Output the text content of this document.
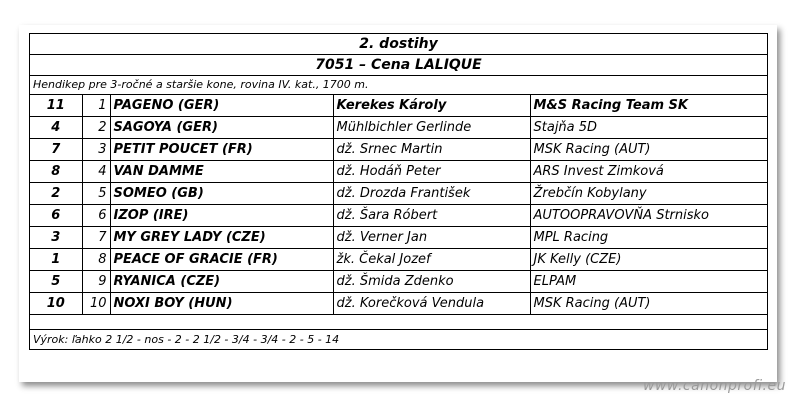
2. dostihy
7051 – Cena LALIQUE
Hendikep pre 3-ročné a staršie kone, rovina IV. kat., 1700 m.
11	1	PAGENO (GER)	Kerekes Károly	M&S Racing Team SK
4	2	SAGOYA (GER)	Mühlbichler Gerlinde	Stajňa 5D
7	3	PETIT POUCET (FR)	dž. Srnec Martin	MSK Racing (AUT)
8	4	VAN DAMME	dž. Hodáň Peter	ARS Invest Zimková
2	5	SOMEO (GB)	dž. Drozda František	Žrebčín Kobylany
6	6	IZOP (IRE)	dž. Šara Róbert	AUTOOPRAVOVŇA Strnisko
3	7	MY GREY LADY (CZE)	dž. Verner Jan	MPL Racing
1	8	PEACE OF GRACIE (FR)	žk. Čekal Jozef	JK Kelly (CZE)
5	9	RYANICA (CZE)	dž. Šmida Zdenko	ELPAM
10	10	NOXI BOY (HUN)	dž. Korečková Vendula	MSK Racing (AUT)
Výrok: ľahko 2 1/2 - nos - 2 - 2 1/2 - 3/4 - 3/4 - 2 - 5 - 14
www.canonprofi.eu
